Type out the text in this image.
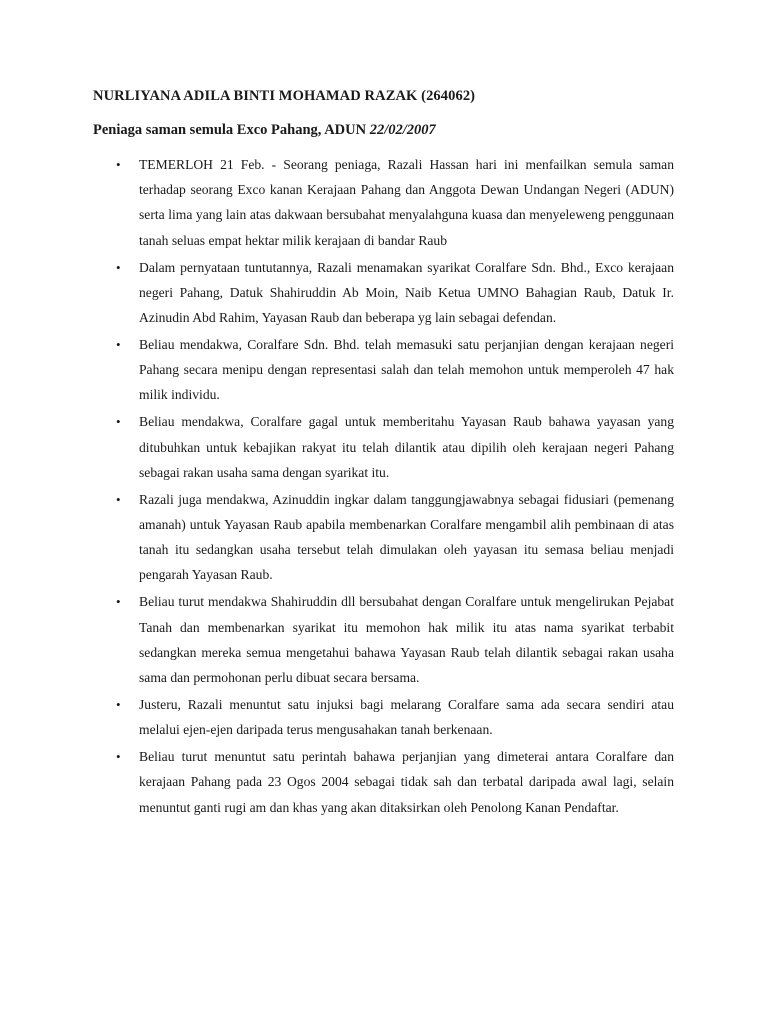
NURLIYANA ADILA BINTI MOHAMAD RAZAK (264062)

Peniaga saman semula Exco Pahang, ADUN 22/02/2007

• TEMERLOH 21 Feb. - Seorang peniaga, Razali Hassan hari ini menfailkan semula saman terhadap seorang Exco kanan Kerajaan Pahang dan Anggota Dewan Undangan Negeri (ADUN) serta lima yang lain atas dakwaan bersubahat menyalahguna kuasa dan menyeleweng penggunaan tanah seluas empat hektar milik kerajaan di bandar Raub
• Dalam pernyataan tuntutannya, Razali menamakan syarikat Coralfare Sdn. Bhd., Exco kerajaan negeri Pahang, Datuk Shahiruddin Ab Moin, Naib Ketua UMNO Bahagian Raub, Datuk Ir. Azinudin Abd Rahim, Yayasan Raub dan beberapa yg lain sebagai defendan.
• Beliau mendakwa, Coralfare Sdn. Bhd. telah memasuki satu perjanjian dengan kerajaan negeri Pahang secara menipu dengan representasi salah dan telah memohon untuk memperoleh 47 hak milik individu.
• Beliau mendakwa, Coralfare gagal untuk memberitahu Yayasan Raub bahawa yayasan yang ditubuhkan untuk kebajikan rakyat itu telah dilantik atau dipilih oleh kerajaan negeri Pahang sebagai rakan usaha sama dengan syarikat itu.
• Razali juga mendakwa, Azinuddin ingkar dalam tanggungjawabnya sebagai fidusiari (pemenang amanah) untuk Yayasan Raub apabila membenarkan Coralfare mengambil alih pembinaan di atas tanah itu sedangkan usaha tersebut telah dimulakan oleh yayasan itu semasa beliau menjadi pengarah Yayasan Raub.
• Beliau turut mendakwa Shahiruddin dll bersubahat dengan Coralfare untuk mengelirukan Pejabat Tanah dan membenarkan syarikat itu memohon hak milik itu atas nama syarikat terbabit sedangkan mereka semua mengetahui bahawa Yayasan Raub telah dilantik sebagai rakan usaha sama dan permohonan perlu dibuat secara bersama.
• Justeru, Razali menuntut satu injuksi bagi melarang Coralfare sama ada secara sendiri atau melalui ejen-ejen daripada terus mengusahakan tanah berkenaan.
• Beliau turut menuntut satu perintah bahawa perjanjian yang dimeterai antara Coralfare dan kerajaan Pahang pada 23 Ogos 2004 sebagai tidak sah dan terbatal daripada awal lagi, selain menuntut ganti rugi am dan khas yang akan ditaksirkan oleh Penolong Kanan Pendaftar.
